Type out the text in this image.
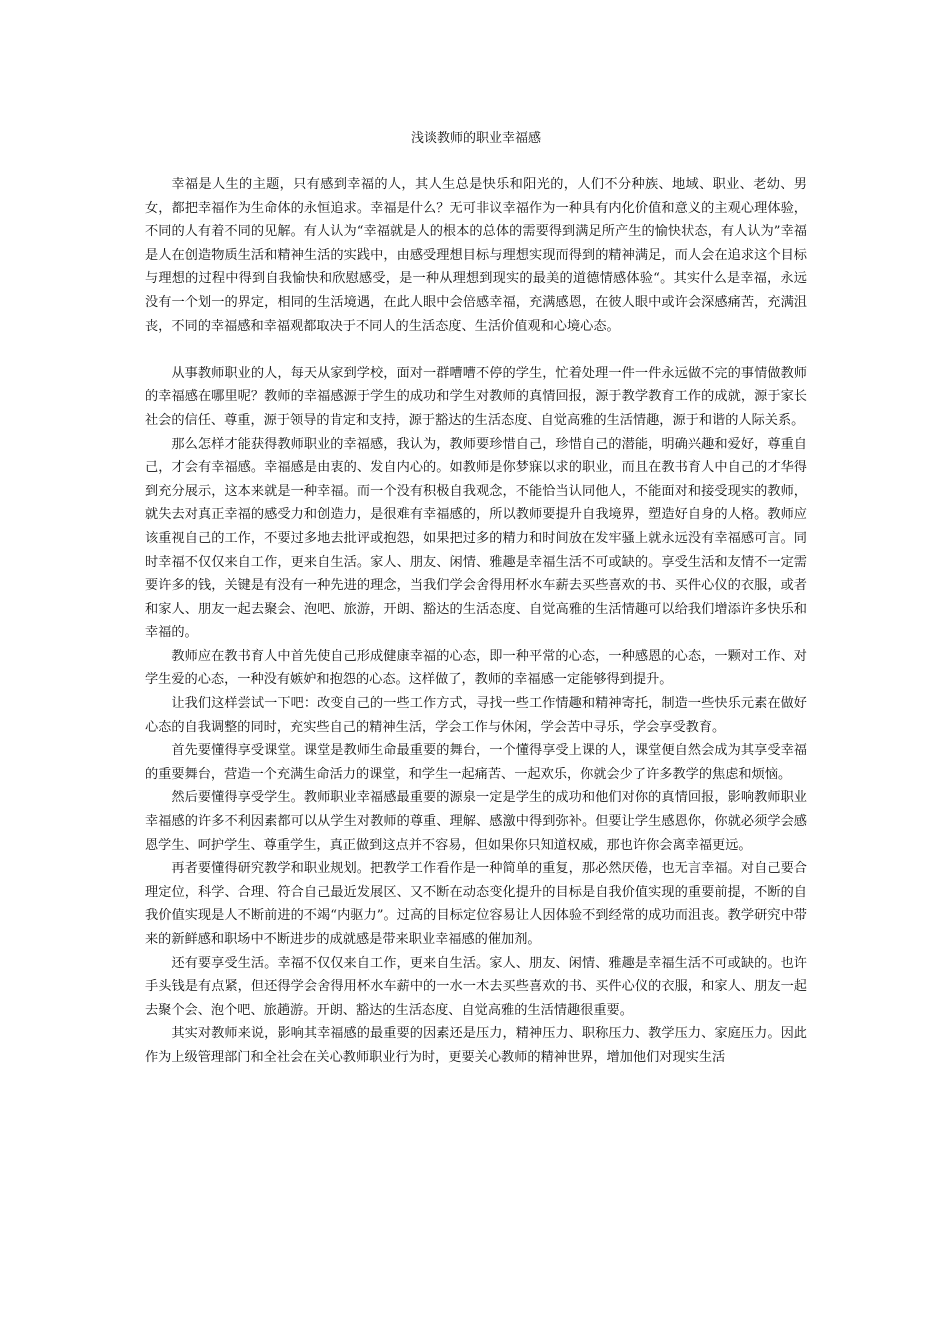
浅谈教师的职业幸福感

幸福是人生的主题，只有感到幸福的人，其人生总是快乐和阳光的，人们不分种族、地域、职业、老幼、男女，都把幸福作为生命体的永恒追求。幸福是什么？无可非议幸福作为一种具有内化价值和意义的主观心理体验，不同的人有着不同的见解。有人认为“幸福就是人的根本的总体的需要得到满足所产生的愉快状态，有人认为”幸福是人在创造物质生活和精神生活的实践中，由感受理想目标与理想实现而得到的精神满足，而人会在追求这个目标与理想的过程中得到自我愉快和欣慰感受，是一种从理想到现实的最美的道德情感体验“。其实什么是幸福，永远没有一个划一的界定，相同的生活境遇，在此人眼中会倍感幸福，充满感恩，在彼人眼中或许会深感痛苦，充满沮丧，不同的幸福感和幸福观都取决于不同人的生活态度、生活价值观和心境心态。

从事教师职业的人，每天从家到学校，面对一群嘈嘈不停的学生，忙着处理一件一件永远做不完的事情做教师的幸福感在哪里呢？教师的幸福感源于学生的成功和学生对教师的真情回报，源于教学教育工作的成就，源于家长社会的信任、尊重，源于领导的肯定和支持，源于豁达的生活态度、自觉高雅的生活情趣，源于和谐的人际关系。

那么怎样才能获得教师职业的幸福感，我认为，教师要珍惜自己，珍惜自己的潜能，明确兴趣和爱好，尊重自己，才会有幸福感。幸福感是由衷的、发自内心的。如教师是你梦寐以求的职业，而且在教书育人中自己的才华得到充分展示，这本来就是一种幸福。而一个没有积极自我观念，不能恰当认同他人，不能面对和接受现实的教师，就失去对真正幸福的感受力和创造力，是很难有幸福感的，所以教师要提升自我境界，塑造好自身的人格。教师应该重视自己的工作，不要过多地去批评或抱怨，如果把过多的精力和时间放在发牢骚上就永远没有幸福感可言。同时幸福不仅仅来自工作，更来自生活。家人、朋友、闲情、雅趣是幸福生活不可或缺的。享受生活和友情不一定需要许多的钱，关键是有没有一种先进的理念，当我们学会舍得用杯水车薪去买些喜欢的书、买件心仪的衣服，或者和家人、朋友一起去聚会、泡吧、旅游，开朗、豁达的生活态度、自觉高雅的生活情趣可以给我们增添许多快乐和幸福的。

教师应在教书育人中首先使自己形成健康幸福的心态，即一种平常的心态，一种感恩的心态，一颗对工作、对学生爱的心态，一种没有嫉妒和抱怨的心态。这样做了，教师的幸福感一定能够得到提升。

让我们这样尝试一下吧：改变自己的一些工作方式，寻找一些工作情趣和精神寄托，制造一些快乐元素在做好心态的自我调整的同时，充实些自己的精神生活，学会工作与休闲，学会苦中寻乐，学会享受教育。

首先要懂得享受课堂。课堂是教师生命最重要的舞台，一个懂得享受上课的人，课堂便自然会成为其享受幸福的重要舞台，营造一个充满生命活力的课堂，和学生一起痛苦、一起欢乐，你就会少了许多教学的焦虑和烦恼。

然后要懂得享受学生。教师职业幸福感最重要的源泉一定是学生的成功和他们对你的真情回报，影响教师职业幸福感的许多不利因素都可以从学生对教师的尊重、理解、感激中得到弥补。但要让学生感恩你，你就必须学会感恩学生、呵护学生、尊重学生，真正做到这点并不容易，但如果你只知道权威，那也许你会离幸福更远。

再者要懂得研究教学和职业规划。把教学工作看作是一种简单的重复，那必然厌倦，也无言幸福。对自己要合理定位，科学、合理、符合自己最近发展区、又不断在动态变化提升的目标是自我价值实现的重要前提，不断的自我价值实现是人不断前进的不竭“内驱力”。过高的目标定位容易让人因体验不到经常的成功而沮丧。教学研究中带来的新鲜感和职场中不断进步的成就感是带来职业幸福感的催加剂。

还有要享受生活。幸福不仅仅来自工作，更来自生活。家人、朋友、闲情、雅趣是幸福生活不可或缺的。也许手头钱是有点紧，但还得学会舍得用杯水车薪中的一水一木去买些喜欢的书、买件心仪的衣服，和家人、朋友一起去聚个会、泡个吧、旅趟游。开朗、豁达的生活态度、自觉高雅的生活情趣很重要。

其实对教师来说，影响其幸福感的最重要的因素还是压力，精神压力、职称压力、教学压力、家庭压力。因此作为上级管理部门和全社会在关心教师职业行为时，更要关心教师的精神世界，增加他们对现实生活
